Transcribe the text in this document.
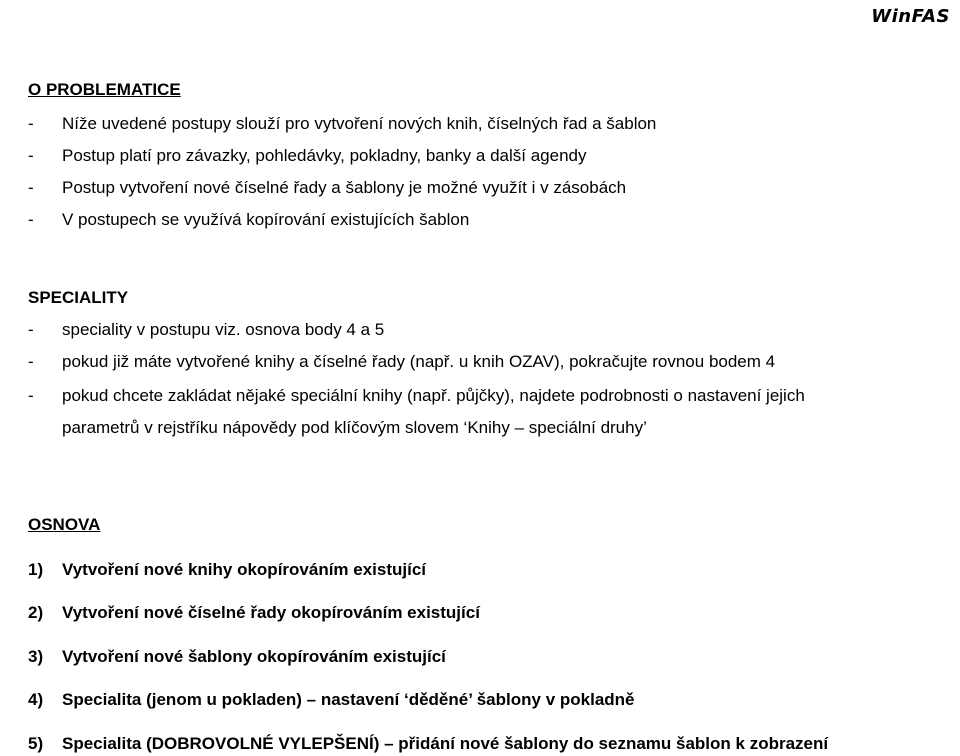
WinFAS
O PROBLEMATICE
- Níže uvedené postupy slouží pro vytvoření nových knih, číselných řad a šablon
- Postup platí pro závazky, pohledávky, pokladny, banky a další agendy
- Postup vytvoření nové číselné řady a šablony je možné využít i v zásobách
- V postupech se využívá kopírování existujících šablon
SPECIALITY
- speciality v postupu viz. osnova body 4 a 5
- pokud již máte vytvořené knihy a číselné řady (např. u knih OZAV), pokračujte rovnou bodem 4
- pokud chcete zakládat nějaké speciální knihy (např. půjčky), najdete podrobnosti o nastavení jejich
parametrů v rejstříku nápovědy pod klíčovým slovem ‘Knihy – speciální druhy’
OSNOVA
1) Vytvoření nové knihy okopírováním existující
2) Vytvoření nové číselné řady okopírováním existující
3) Vytvoření nové šablony okopírováním existující
4) Specialita (jenom u pokladen) – nastavení ‘děděné’ šablony v pokladně
5) Specialita (DOBROVOLNÉ VYLEPŠENÍ) – přidání nové šablony do seznamu šablon k zobrazení
